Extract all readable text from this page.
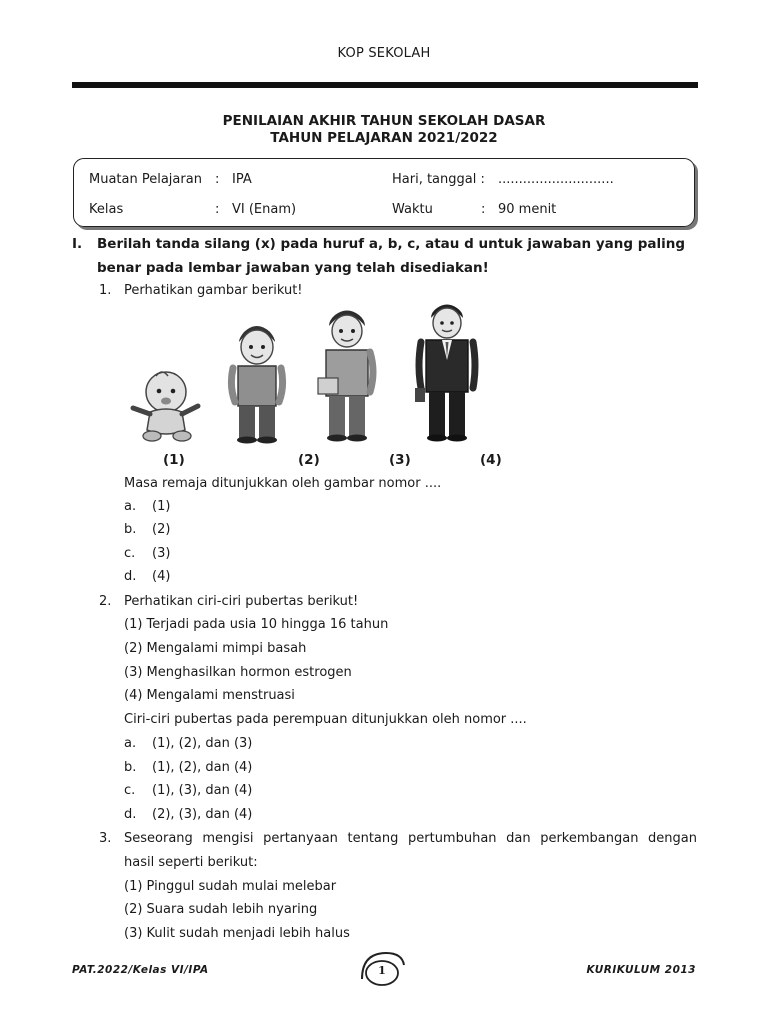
KOP SEKOLAH
PENILAIAN AKHIR TAHUN SEKOLAH DASAR
TAHUN PELAJARAN 2021/2022
Muatan Pelajaran : IPA	Hari, tanggal : ............................
Kelas	: VI (Enam)	Waktu	: 90 menit
I. Berilah tanda silang (x) pada huruf a, b, c, atau d untuk jawaban yang paling benar pada lembar jawaban yang telah disediakan!
1. Perhatikan gambar berikut!
(1)	(2)	(3)	(4)
Masa remaja ditunjukkan oleh gambar nomor ....
a. (1)
b. (2)
c. (3)
d. (4)
2. Perhatikan ciri-ciri pubertas berikut!
(1) Terjadi pada usia 10 hingga 16 tahun
(2) Mengalami mimpi basah
(3) Menghasilkan hormon estrogen
(4) Mengalami menstruasi
Ciri-ciri pubertas pada perempuan ditunjukkan oleh nomor ....
a. (1), (2), dan (3)
b. (1), (2), dan (4)
c. (1), (3), dan (4)
d. (2), (3), dan (4)
3. Seseorang mengisi pertanyaan tentang pertumbuhan dan perkembangan dengan
hasil seperti berikut:
(1) Pinggul sudah mulai melebar
(2) Suara sudah lebih nyaring
(3) Kulit sudah menjadi lebih halus
PAT.2022/Kelas VI/IPA	1	KURIKULUM 2013
